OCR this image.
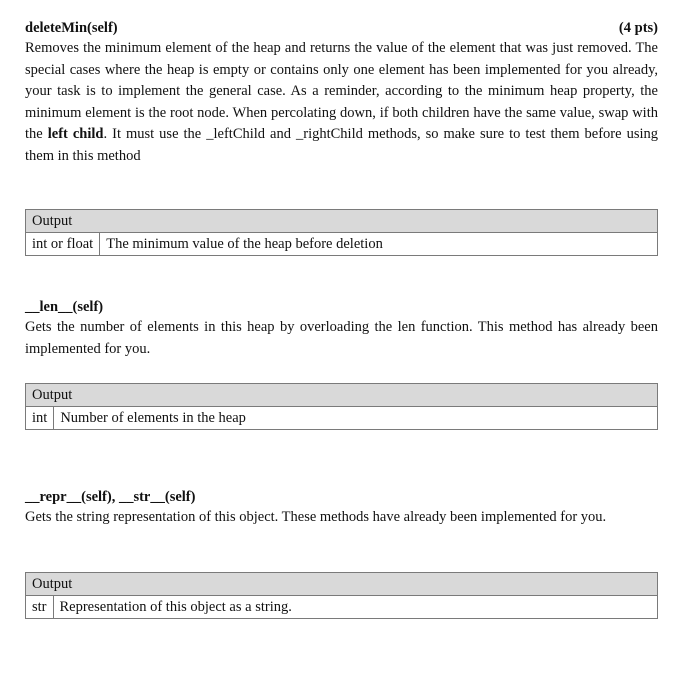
deleteMin(self)	(4 pts)
Removes the minimum element of the heap and returns the value of the element that was just removed. The special cases where the heap is empty or contains only one element has been implemented for you already, your task is to implement the general case. As a reminder, according to the minimum heap property, the minimum element is the root node. When percolating down, if both children have the same value, swap with the left child. It must use the _leftChild and _rightChild methods, so make sure to test them before using them in this method
Output
int or float	The minimum value of the heap before deletion
__len__(self)
Gets the number of elements in this heap by overloading the len function. This method has already been implemented for you.
Output
int	Number of elements in the heap
__repr__(self), __str__(self)
Gets the string representation of this object. These methods have already been implemented for you.
Output
str	Representation of this object as a string.
